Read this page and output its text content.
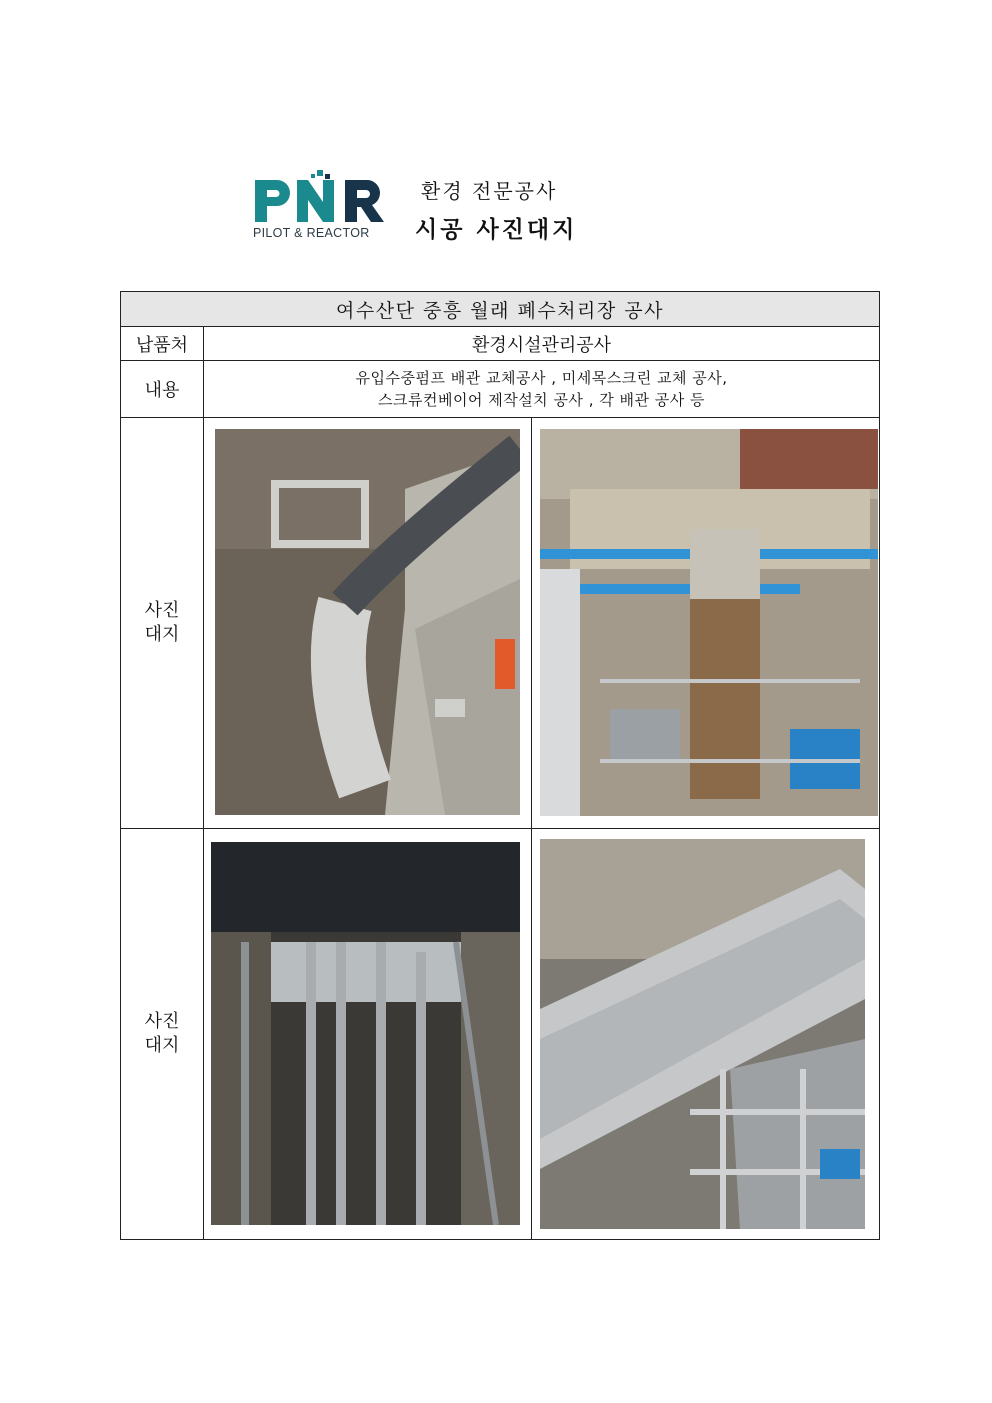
PILOT & REACTOR
환경 전문공사
시공 사진대지
여수산단 중흥 월래 폐수처리장 공사		
납품처	환경시설관리공사	
내용	유입수중펌프 배관 교체공사 , 미세목스크린 교체 공사,
스크류컨베이어 제작설치 공사 , 각 배관 공사 등	

사진
대지

사진
대지
